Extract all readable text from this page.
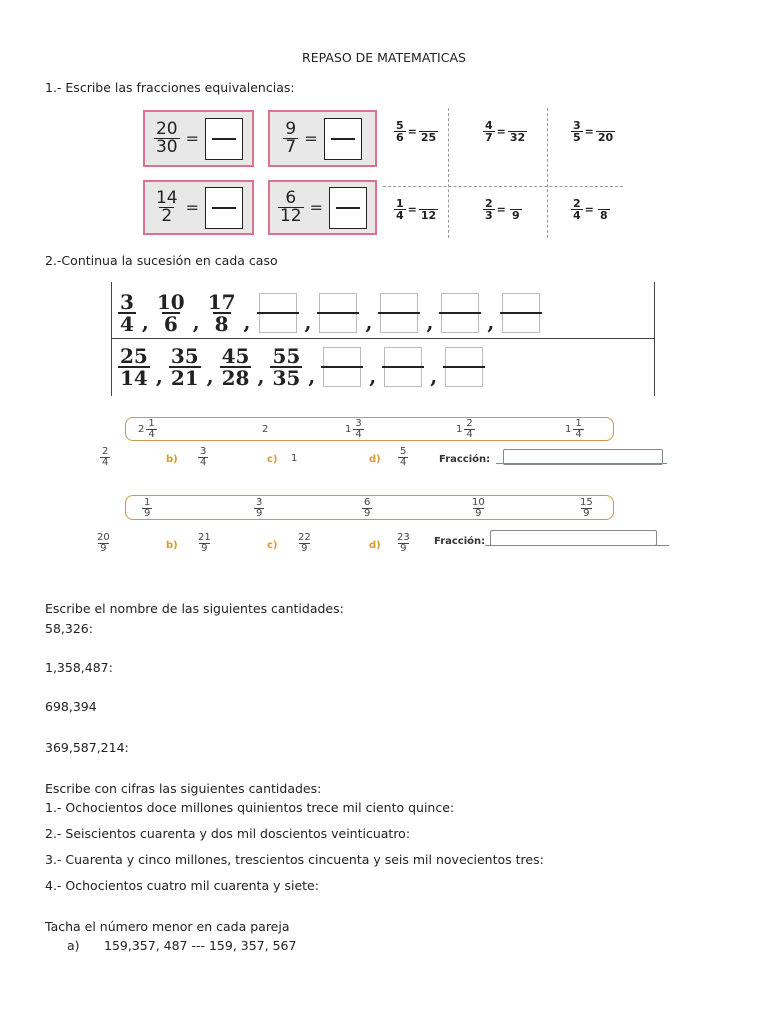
REPASO DE MATEMATICAS
1.- Escribe las fracciones equivalencias:
$\frac{20}{30}$ =	$\frac{9}{7}$ =
$\frac{14}{2}$ =	$\frac{6}{12}$ =
$\frac{5}{6} = 25$	$\frac{4}{7} = 32$	$\frac{3}{5} = 20$
$\frac{1}{4} = 12$	$\frac{2}{3} = 9$	$\frac{2}{4} = 8$
2.-Continua la sucesión en cada caso
$\frac{3}{4}$ , $\frac{10}{6}$ , $\frac{17}{8}$ ,	,	,	,	,
$\frac{25}{14}$ , $\frac{35}{21}$ , $\frac{45}{28}$ , $\frac{55}{35}$ ,	,	,
$2 \frac{1}{4}$	2	$1 \frac{3}{4}$	$1 \frac{2}{4}$	$1 \frac{1}{4}$
$\frac{2}{4}$	$b) \frac{3}{4}$	c) 1	$d) \frac{5}{4}$	Fracción:
$\frac{1}{9}$	$\frac{3}{9}$	$\frac{6}{9}$	$\frac{10}{9}$	$\frac{15}{9}$
$\frac{20}{9}$	$b) \frac{21}{9}$	$c) \frac{22}{9}$	$d) \frac{23}{9}$ Fracción:
Escribe el nombre de las siguientes cantidades:
58,326:
1,358,487:
698,394
369,587,214:
Escribe con cifras las siguientes cantidades:
1.- Ochocientos doce millones quinientos trece mil ciento quince:
2.- Seiscientos cuarenta y dos mil doscientos veinticuatro:
3.- Cuarenta y cinco millones, trescientos cincuenta y seis mil novecientos tres:
4.- Ochocientos cuatro mil cuarenta y siete:
Tacha el número menor en cada pareja
a) 159,357, 487 --- 159, 357, 567
